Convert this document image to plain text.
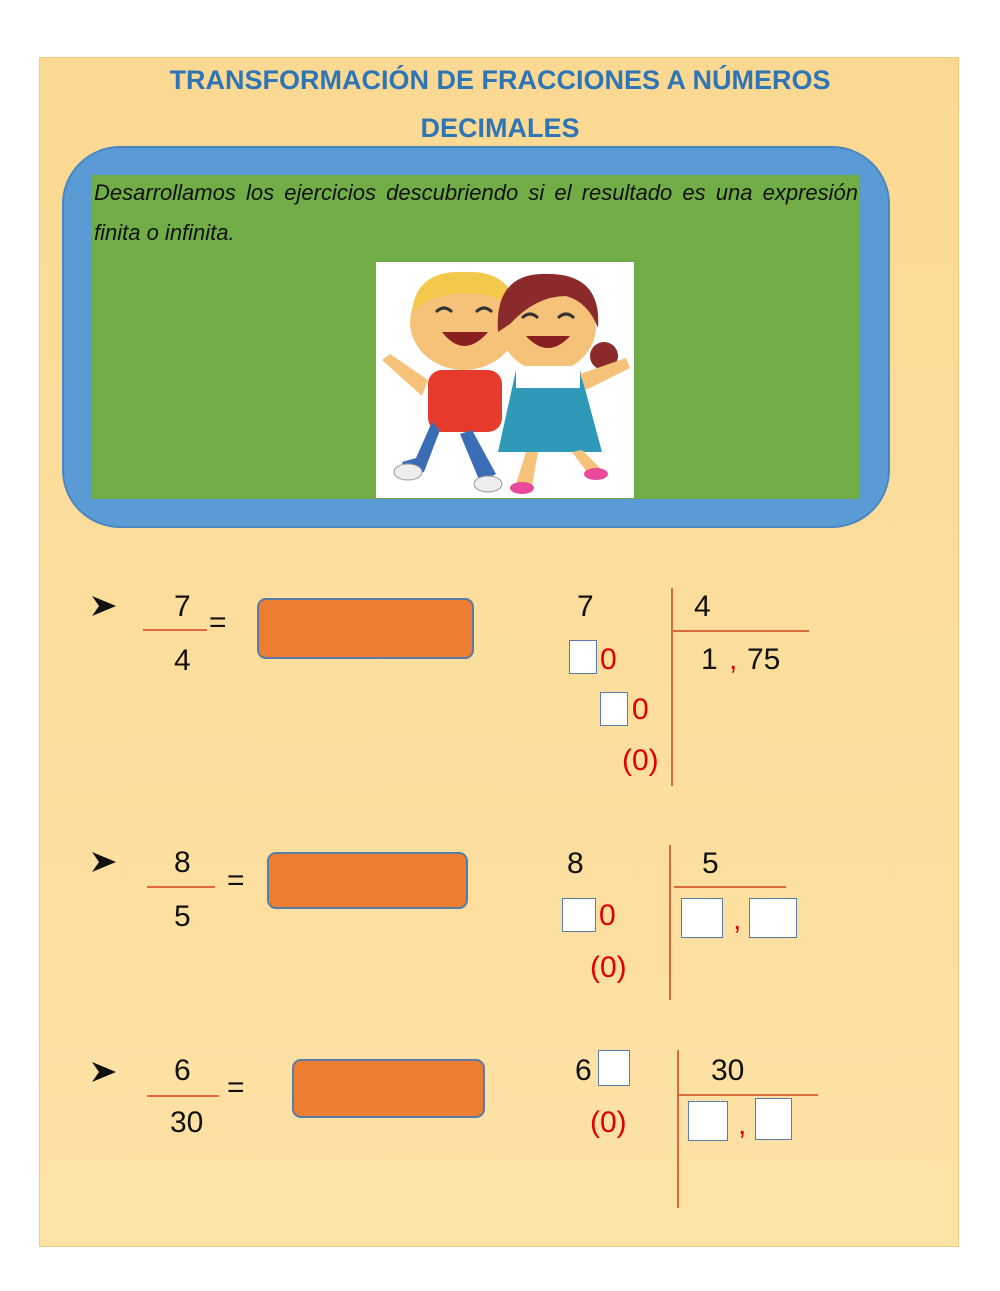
TRANSFORMACIÓN DE FRACCIONES A NÚMEROS
DECIMALES
Desarrollamos los ejercicios descubriendo si el resultado es una expresión finita o infinita.
7
4
=	7	4
1 , 75
0
0
(0)
8
5
=
8	5
,
0
(0)
6
30
=
6	30
,
(0)
